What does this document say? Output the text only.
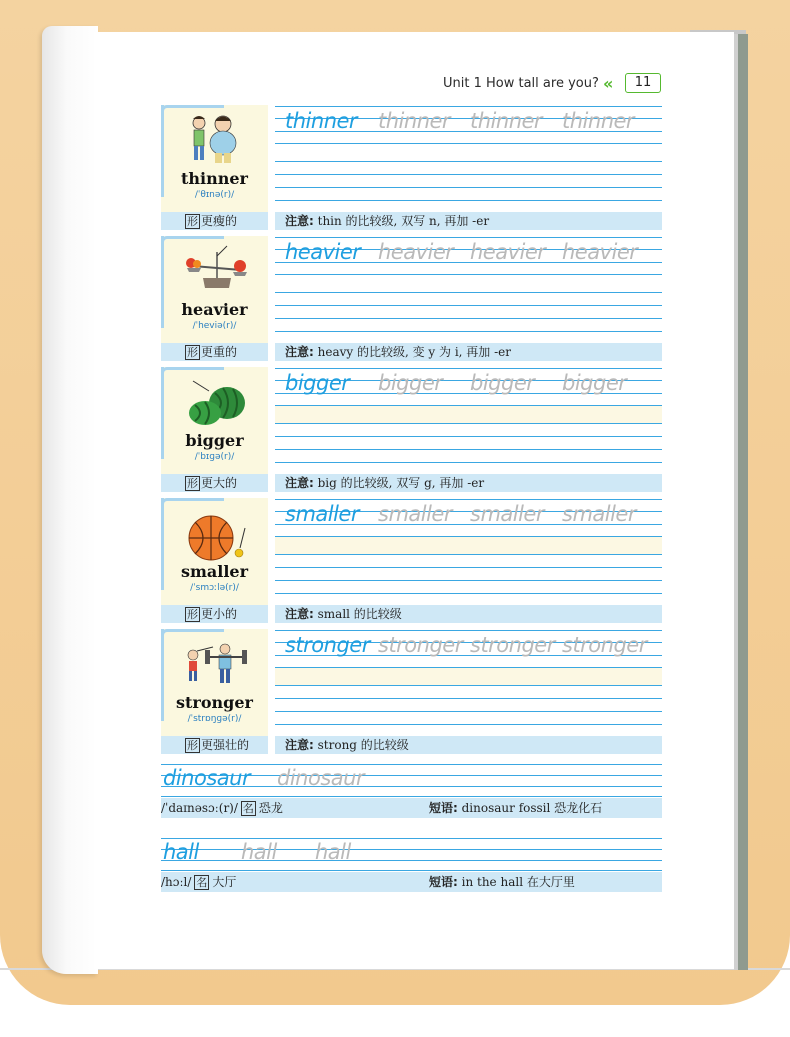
Unit 1 How tall are you? «	11
thinner
/ˈθɪnə(r)/
形 更瘦的
thinner thinner thinner thinner
注意: thin 的比较级, 双写 n, 再加 -er
heavier
/ˈheviə(r)/
形 更重的
heavier heavier heavier heavier
注意: heavy 的比较级, 变 y 为 i, 再加 -er
bigger
/ˈbɪɡə(r)/
形 更大的
bigger bigger bigger bigger
注意: big 的比较级, 双写 g, 再加 -er
smaller
/ˈsmɔːlə(r)/
形 更小的
smaller smaller smaller smaller
注意: small 的比较级
stronger
/ˈstrɒŋɡə(r)/
形 更强壮的
stronger stronger stronger stronger
注意: strong 的比较级
dinosaur dinosaur
/ˈdaɪnəsɔː(r)/ 名 恐龙	短语: dinosaur fossil 恐龙化石
hall hall hall
/hɔːl/ 名 大厅	短语: in the hall 在大厅里
